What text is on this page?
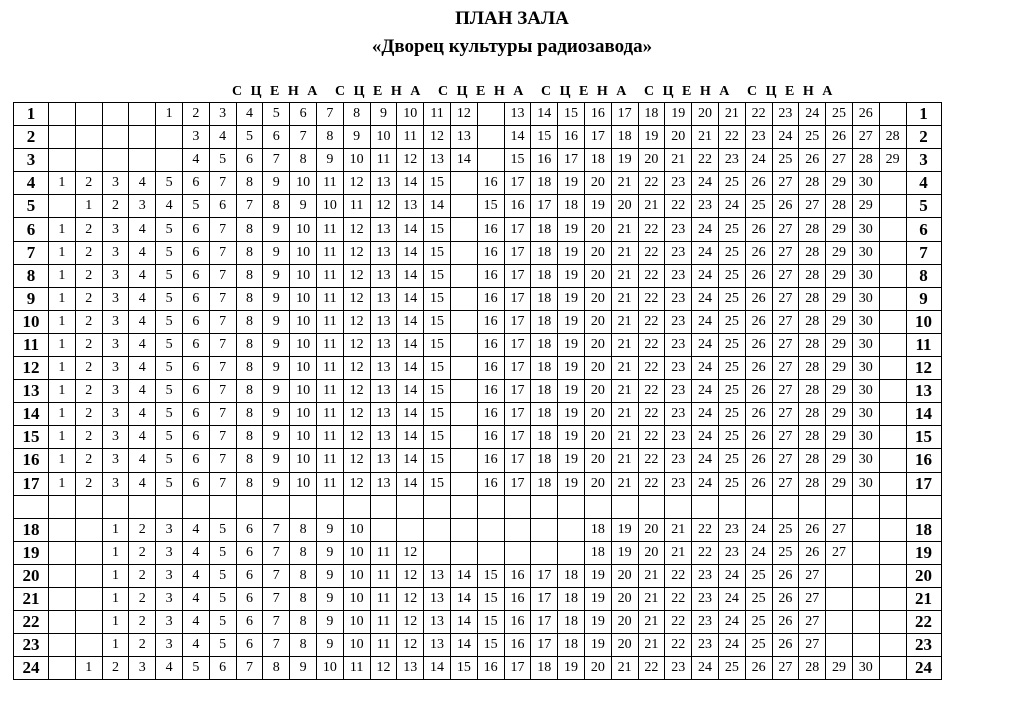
ПЛАН ЗАЛА
«Дворец культуры радиозавода»
С Ц Е Н А С Ц Е Н А С Ц Е Н А С Ц Е Н А С Ц Е Н А С Ц Е Н А
1					1	2	3	4	5	6	7	8	9	10	11	12		13	14	15	16	17	18	19	20	21	22	23	24	25	26		1
2						3	4	5	6	7	8	9	10	11	12	13		14	15	16	17	18	19	20	21	22	23	24	25	26	27	28	2
3						4	5	6	7	8	9	10	11	12	13	14		15	16	17	18	19	20	21	22	23	24	25	26	27	28	29	3
4	1	2	3	4	5	6	7	8	9	10	11	12	13	14	15		16	17	18	19	20	21	22	23	24	25	26	27	28	29	30		4
5		1	2	3	4	5	6	7	8	9	10	11	12	13	14		15	16	17	18	19	20	21	22	23	24	25	26	27	28	29		5
6	1	2	3	4	5	6	7	8	9	10	11	12	13	14	15		16	17	18	19	20	21	22	23	24	25	26	27	28	29	30		6
7	1	2	3	4	5	6	7	8	9	10	11	12	13	14	15		16	17	18	19	20	21	22	23	24	25	26	27	28	29	30		7
8	1	2	3	4	5	6	7	8	9	10	11	12	13	14	15		16	17	18	19	20	21	22	23	24	25	26	27	28	29	30		8
9	1	2	3	4	5	6	7	8	9	10	11	12	13	14	15		16	17	18	19	20	21	22	23	24	25	26	27	28	29	30		9
10	1	2	3	4	5	6	7	8	9	10	11	12	13	14	15		16	17	18	19	20	21	22	23	24	25	26	27	28	29	30		10
11	1	2	3	4	5	6	7	8	9	10	11	12	13	14	15		16	17	18	19	20	21	22	23	24	25	26	27	28	29	30		11
12	1	2	3	4	5	6	7	8	9	10	11	12	13	14	15		16	17	18	19	20	21	22	23	24	25	26	27	28	29	30		12
13	1	2	3	4	5	6	7	8	9	10	11	12	13	14	15		16	17	18	19	20	21	22	23	24	25	26	27	28	29	30		13
14	1	2	3	4	5	6	7	8	9	10	11	12	13	14	15		16	17	18	19	20	21	22	23	24	25	26	27	28	29	30		14
15	1	2	3	4	5	6	7	8	9	10	11	12	13	14	15		16	17	18	19	20	21	22	23	24	25	26	27	28	29	30		15
16	1	2	3	4	5	6	7	8	9	10	11	12	13	14	15		16	17	18	19	20	21	22	23	24	25	26	27	28	29	30		16
17	1	2	3	4	5	6	7	8	9	10	11	12	13	14	15		16	17	18	19	20	21	22	23	24	25	26	27	28	29	30		17

18			1	2	3	4	5	6	7	8	9	10									18	19	20	21	22	23	24	25	26	27			18
19			1	2	3	4	5	6	7	8	9	10	11	12							18	19	20	21	22	23	24	25	26	27			19
20			1	2	3	4	5	6	7	8	9	10	11	12	13	14	15	16	17	18	19	20	21	22	23	24	25	26	27				20
21			1	2	3	4	5	6	7	8	9	10	11	12	13	14	15	16	17	18	19	20	21	22	23	24	25	26	27				21
22			1	2	3	4	5	6	7	8	9	10	11	12	13	14	15	16	17	18	19	20	21	22	23	24	25	26	27				22
23			1	2	3	4	5	6	7	8	9	10	11	12	13	14	15	16	17	18	19	20	21	22	23	24	25	26	27				23
24		1	2	3	4	5	6	7	8	9	10	11	12	13	14	15	16	17	18	19	20	21	22	23	24	25	26	27	28	29	30		24
